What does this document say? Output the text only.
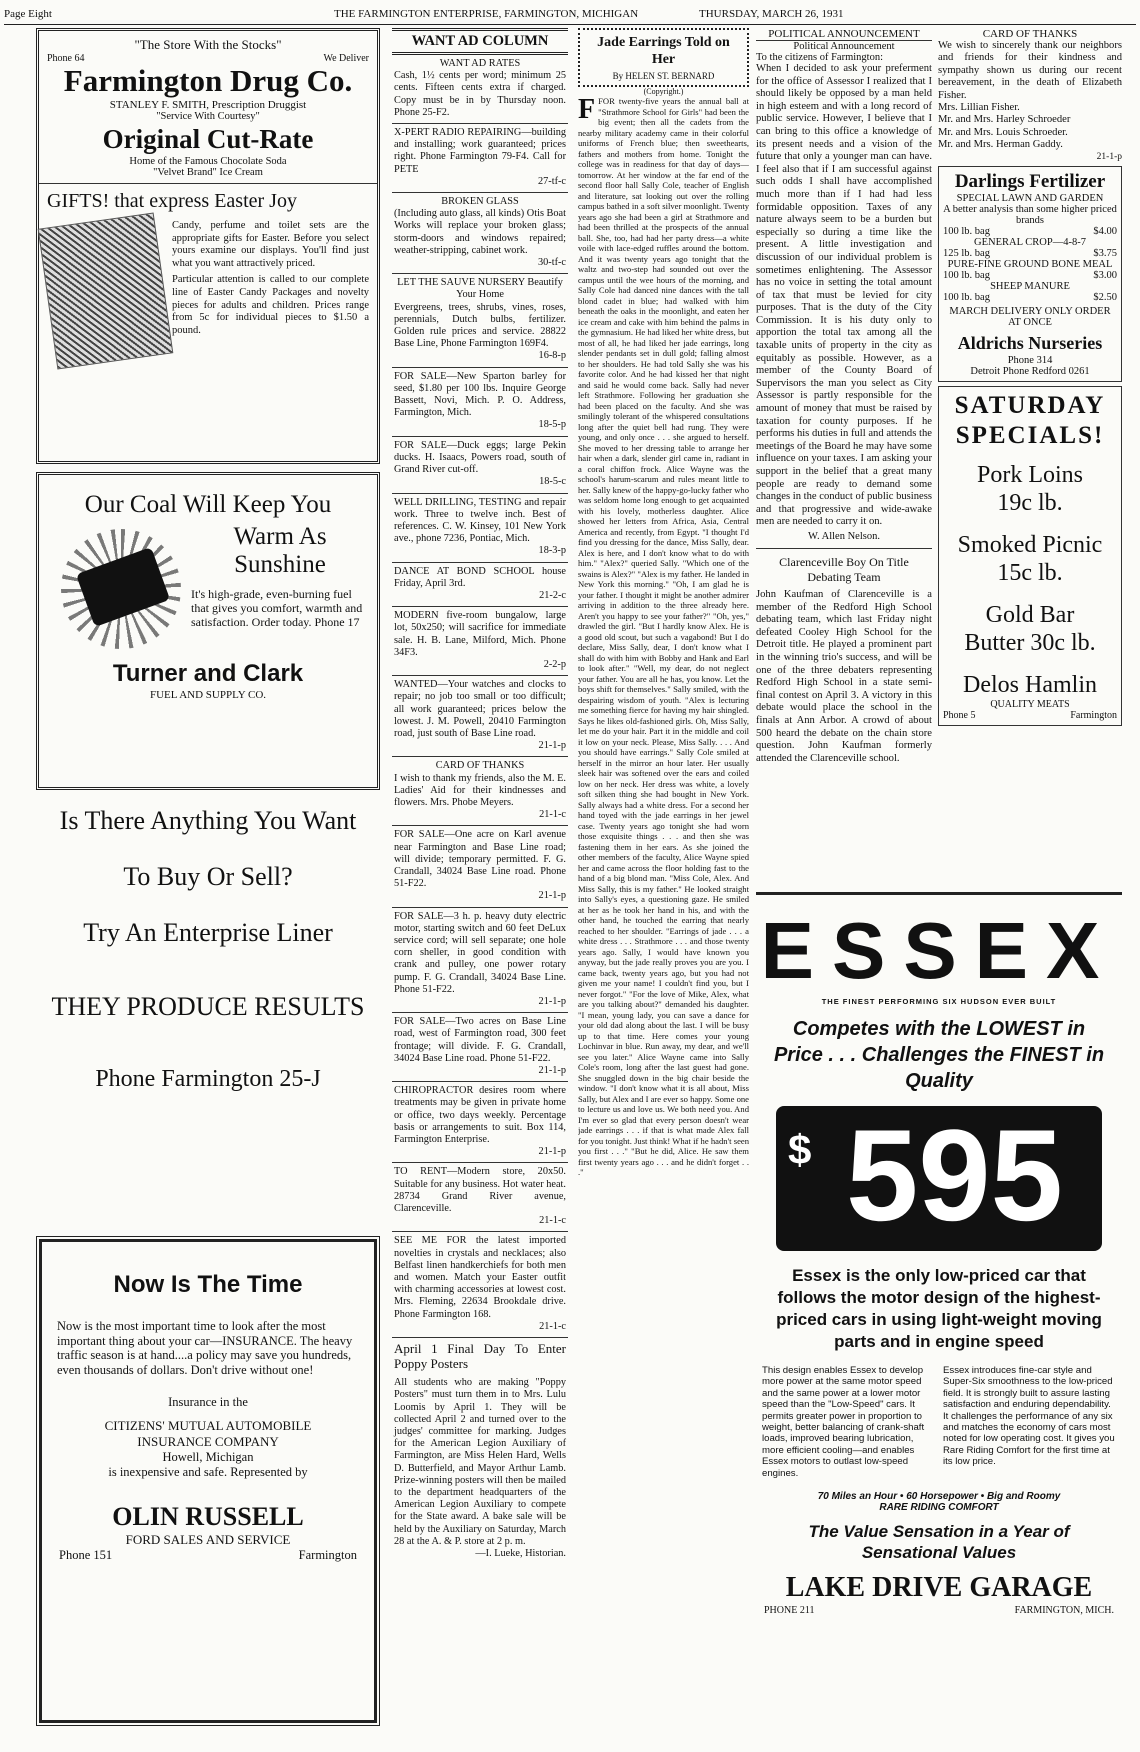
Page Eight	THE FARMINGTON ENTERPRISE, FARMINGTON, MICHIGAN	THURSDAY, MARCH 26, 1931
"The Store With the Stocks"
Phone 64	We Deliver
Farmington Drug Co.
STANLEY F. SMITH, Prescription Druggist
"Service With Courtesy"
Original Cut-Rate
Home of the Famous Chocolate Soda
"Velvet Brand" Ice Cream
GIFTS! that express Easter Joy

Candy, perfume and toilet sets are the appropriate gifts for Easter. Before you select yours examine our displays. You'll find just what you want attractively priced.

Particular attention is called to our complete line of Easter Candy Packages and novelty pieces for adults and children. Prices range from 5c for individual pieces to $1.50 a pound.

Our Coal Will Keep You
Warm As
Sunshine
It's high-grade, even-burning fuel that gives you comfort, warmth and satisfaction. Order today. Phone 17
Turner and Clark
FUEL AND SUPPLY CO.
Is There Anything You Want
To Buy Or Sell?
Try An Enterprise Liner
THEY PRODUCE RESULTS
Phone Farmington 25-J
Now Is The Time
Now is the most important time to look after the most important thing about your car—INSURANCE. The heavy traffic season is at hand....a policy may save you hundreds, even thousands of dollars. Don't drive without one!
Insurance in the
CITIZENS' MUTUAL AUTOMOBILE
INSURANCE COMPANY
Howell, Michigan
is inexpensive and safe. Represented by
OLIN RUSSELL
FORD SALES AND SERVICE
Phone 151	Farmington
WANT AD COLUMN
WANT AD RATES
Cash, 1½ cents per word; minimum 25 cents. Fifteen cents extra if charged. Copy must be in by Thursday noon. Phone 25-F2.
X-PERT RADIO REPAIRING—building and installing; work guaranteed; prices right. Phone Farmington 79-F4. Call for PETE
27-tf-c
BROKEN GLASS
(Including auto glass, all kinds) Otis Boat Works will replace your broken glass; storm-doors and windows repaired; weather-stripping, cabinet work.
30-tf-c
LET THE SAUVE NURSERY Beautify Your Home
Evergreens, trees, shrubs, vines, roses, perennials, Dutch bulbs, fertilizer. Golden rule prices and service. 28822 Base Line, Phone Farmington 169F4.
16-8-p
FOR SALE—New Sparton barley for seed, $1.80 per 100 lbs. Inquire George Bassett, Novi, Mich. P. O. Address, Farmington, Mich.
18-5-p
FOR SALE—Duck eggs; large Pekin ducks. H. Isaacs, Powers road, south of Grand River cut-off.
18-5-c
WELL DRILLING, TESTING and repair work. Three to twelve inch. Best of references. C. W. Kinsey, 101 New York ave., phone 7236, Pontiac, Mich.
18-3-p
DANCE AT BOND SCHOOL house Friday, April 3rd.
21-2-c
MODERN five-room bungalow, large lot, 50x250; will sacrifice for immediate sale. H. B. Lane, Milford, Mich. Phone 34F3.
2-2-p
WANTED—Your watches and clocks to repair; no job too small or too difficult; all work guaranteed; prices below the lowest. J. M. Powell, 20410 Farmington road, just south of Base Line road.
21-1-p
CARD OF THANKS
I wish to thank my friends, also the M. E. Ladies' Aid for their kindnesses and flowers. Mrs. Phobe Meyers.
21-1-c
FOR SALE—One acre on Karl avenue near Farmington and Base Line road; will divide; temporary permitted. F. G. Crandall, 34024 Base Line road. Phone 51-F22.
21-1-p
FOR SALE—3 h. p. heavy duty electric motor, starting switch and 60 feet DeLux service cord; will sell separate; one hole corn sheller, in good condition with crank and pulley, one power rotary pump. F. G. Crandall, 34024 Base Line. Phone 51-F22.
21-1-p
FOR SALE—Two acres on Base Line road, west of Farmington road, 300 feet frontage; will divide. F. G. Crandall, 34024 Base Line road. Phone 51-F22.
21-1-p
CHIROPRACTOR desires room where treatments may be given in private home or office, two days weekly. Percentage basis or arrangements to suit. Box 114, Farmington Enterprise.
21-1-p
TO RENT—Modern store, 20x50. Suitable for any business. Hot water heat. 28734 Grand River avenue, Clarenceville.
21-1-c
SEE ME FOR the latest imported novelties in crystals and necklaces; also Belfast linen handkerchiefs for both men and women. Match your Easter outfit with charming accessories at lowest cost. Mrs. Fleming, 22634 Brookdale drive. Phone Farmington 168.
21-1-c
April 1 Final Day To Enter Poppy Posters
All students who are making "Poppy Posters" must turn them in to Mrs. Lulu Loomis by April 1. They will be collected April 2 and turned over to the judges' committee for marking. Judges for the American Legion Auxiliary of Farmington, are Miss Helen Hard, Wells D. Butterfield, and Mayor Arthur Lamb. Prize-winning posters will then be mailed to the department headquarters of the American Legion Auxiliary to compete for the State award. A bake sale will be held by the Auxiliary on Saturday, March 28 at the A. & P. store at 2 p. m.
—I. Lueke, Historian.
Jade Earrings Told on Her
By HELEN ST. BERNARD
(Copyright.)
F FOR twenty-five years the annual ball at "Strathmore School for Girls" had been the big event; then all the cadets from the nearby military academy came in their colorful uniforms of French blue; then sweethearts, fathers and mothers from home. Tonight the college was in readiness for that day of days—tomorrow. At her window at the far end of the second floor hall Sally Cole, teacher of English and literature, sat looking out over the rolling campus bathed in a soft silver moonlight. Twenty years ago she had been a girl at Strathmore and had been thrilled at the prospects of the annual ball. She, too, had had her party dress—a white voile with lace-edged ruffles around the bottom. And it was twenty years ago tonight that the waltz and two-step had sounded out over the campus until the wee hours of the morning, and Sally Cole had danced nine dances with the tall blond cadet in blue; had walked with him beneath the oaks in the moonlight, and eaten her ice cream and cake with him behind the palms in the gymnasium. He had liked her white dress, but most of all, he had liked her jade earrings, long slender pendants set in dull gold; falling almost to her shoulders. He had told Sally she was his favorite color. And he had kissed her that night and said he would come back. Sally had never left Strathmore. Following her graduation she had been placed on the faculty. And she was smilingly tolerant of the whispered consultations long after the quiet bell had rung. They were young, and only once . . . she argued to herself. She moved to her dressing table to arrange her hair when a dark, slender girl came in, radiant in a coral chiffon frock. Alice Wayne was the school's harum-scarum and rules meant little to her. Sally knew of the happy-go-lucky father who was seldom home long enough to get acquainted with his lovely, motherless daughter. Alice showed her letters from Africa, Asia, Central America and recently, from Egypt. "I thought I'd find you dressing for the dance, Miss Sally, dear. Alex is here, and I don't know what to do with him." "Alex?" queried Sally. "Which one of the swains is Alex?" "Alex is my father. He landed in New York this morning." "Oh, I am glad he is your father. I thought it might be another admirer arriving in addition to the three already here. Aren't you happy to see your father?" "Oh, yes," drawled the girl. "But I hardly know Alex. He is a good old scout, but such a vagabond! But I do declare, Miss Sally, dear, I don't know what I shall do with him with Bobby and Hank and Earl to look after." "Well, my dear, do not neglect your father. You are all he has, you know. Let the boys shift for themselves." Sally smiled, with the despairing wisdom of youth. "Alex is lecturing me something fierce for having my hair shingled. Says he likes old-fashioned girls. Oh, Miss Sally, let me do your hair. Part it in the middle and coil it low on your neck. Please, Miss Sally. . . . And you should have earrings." Sally Cole smiled at herself in the mirror an hour later. Her usually sleek hair was softened over the ears and coiled low on her neck. Her dress was white, a lovely soft silken thing she had bought in New York. Sally always had a white dress. For a second her hand toyed with the jade earrings in her jewel case. Twenty years ago tonight she had worn those exquisite things . . . and then she was fastening them in her ears. As she joined the other members of the faculty, Alice Wayne spied her and came across the floor holding fast to the hand of a big blond man. "Miss Cole, Alex. And Miss Sally, this is my father." He looked straight into Sally's eyes, a questioning gaze. He smiled at her as he took her hand in his, and with the other hand, he touched the earring that nearly reached to her shoulder. "Earrings of jade . . . a white dress . . . Strathmore . . . and those twenty years ago. Sally, I would have known you anyway, but the jade really proves you are you. I came back, twenty years ago, but you had not given me your name! I couldn't find you, but I never forgot." "For the love of Mike, Alex, what are you talking about?" demanded his daughter. "I mean, young lady, you can save a dance for your old dad along about the last. I will be busy up to that time. Here comes your young Lochinvar in blue. Run away, my dear, and we'll see you later." Alice Wayne came into Sally Cole's room, long after the last guest had gone. She snuggled down in the big chair beside the window. "I don't know what it is all about, Miss Sally, but Alex and I are ever so happy. Some one to lecture us and love us. We both need you. And I'm ever so glad that every person doesn't wear jade earrings . . . if that is what made Alex fall for you tonight. Just think! What if he hadn't seen you first . . ." "But he did, Alice. He saw them first twenty years ago . . . and he didn't forget . . ."
POLITICAL ANNOUNCEMENT
Political Announcement
To the citizens of Farmington:
When I decided to ask your preferment for the office of Assessor I realized that I should likely be opposed by a man held in high esteem and with a long record of public service. However, I believe that I can bring to this office a knowledge of its present needs and a vision of the future that only a younger man can have. I feel also that if I am successful against such odds I shall have accomplished much more than if I had had less formidable opposition. Taxes of any nature always seem to be a burden but especially so during a time like the present. A little investigation and discussion of our individual problem is sometimes enlightening. The Assessor has no voice in setting the total amount of tax that must be levied for city purposes. That is the duty of the City Commission. It is his duty only to apportion the total tax among all the taxable units of property in the city as equitably as possible. However, as a member of the County Board of Supervisors the man you select as City Assessor is partly responsible for the amount of money that must be raised by taxation for county purposes. If he performs his duties in full and attends the meetings of the Board he may have some influence on your taxes. I am asking your support in the belief that a great many people are ready to demand some changes in the conduct of public business and that progressive and wide-awake men are needed to carry it on.
W. Allen Nelson.
Clarenceville Boy On Title Debating Team
John Kaufman of Clarenceville is a member of the Redford High School debating team, which last Friday night defeated Cooley High School for the Detroit title. He played a prominent part in the winning trio's success, and will be one of the three debaters representing Redford High School in a state semi-final contest on April 3. A victory in this debate would place the school in the finals at Ann Arbor. A crowd of about 500 heard the debate on the chain store question. John Kaufman formerly attended the Clarenceville school.
CARD OF THANKS
We wish to sincerely thank our neighbors and friends for their kindness and sympathy shown us during our recent bereavement, in the death of Elizabeth Fisher.
Mrs. Lillian Fisher.
Mr. and Mrs. Harley Schroeder
Mr. and Mrs. Louis Schroeder.
Mr. and Mrs. Herman Gaddy.
21-1-p
Darlings Fertilizer
SPECIAL LAWN AND GARDEN
A better analysis than some higher priced brands
100 lb. bag	$4.00
GENERAL CROP—4-8-7
125 lb. bag	$3.75
PURE-FINE GROUND BONE MEAL
100 lb. bag	$3.00
SHEEP MANURE
100 lb. bag	$2.50
MARCH DELIVERY ONLY ORDER AT ONCE
Aldrichs Nurseries
Phone 314
Detroit Phone Redford 0261
SATURDAY
SPECIALS!
Pork Loins
19c lb.
Smoked Picnic
15c lb.
Gold Bar
Butter 30c lb.
Delos Hamlin
QUALITY MEATS
Phone 5	Farmington
ESSEX
THE FINEST PERFORMING SIX HUDSON EVER BUILT
Competes with the LOWEST in Price . . . Challenges the FINEST in Quality
$ 595
Essex is the only low-priced car that follows the motor design of the highest-priced cars in using light-weight moving parts and in engine speed
This design enables Essex to develop more power at the same motor speed and the same power at a lower motor speed than the "Low-Speed" cars. It permits greater power in proportion to weight, better balancing of crank-shaft loads, improved bearing lubrication, more efficient cooling—and enables Essex motors to outlast low-speed engines.
Essex introduces fine-car style and Super-Six smoothness to the low-priced field. It is strongly built to assure lasting satisfaction and enduring dependability. It challenges the performance of any six and matches the economy of cars most noted for low operating cost. It gives you Rare Riding Comfort for the first time at its low price.
70 Miles an Hour • 60 Horsepower • Big and Roomy
RARE RIDING COMFORT
The Value Sensation in a Year of Sensational Values
LAKE DRIVE GARAGE
PHONE 211	FARMINGTON, MICH.
